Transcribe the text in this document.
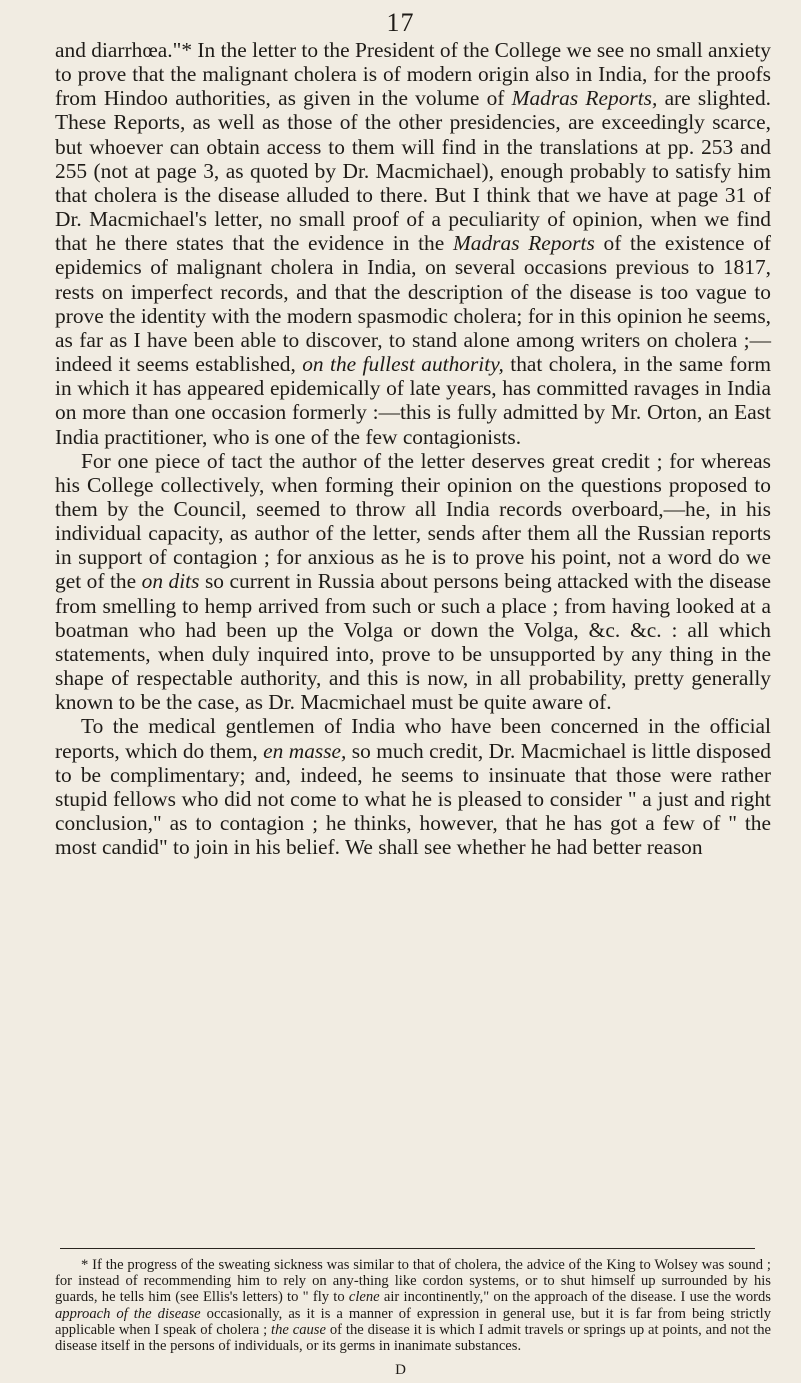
17

and diarrhœa."* In the letter to the President of the College we see no small anxiety to prove that the malignant cholera is of modern origin also in India, for the proofs from Hindoo authorities, as given in the volume of Madras Reports, are slighted. These Reports, as well as those of the other presidencies, are exceedingly scarce, but whoever can obtain access to them will find in the translations at pp. 253 and 255 (not at page 3, as quoted by Dr. Macmichael), enough probably to satisfy him that cholera is the disease alluded to there. But I think that we have at page 31 of Dr. Macmichael's letter, no small proof of a peculiarity of opinion, when we find that he there states that the evidence in the Madras Reports of the existence of epidemics of malignant cholera in India, on several occasions previous to 1817, rests on imperfect records, and that the description of the disease is too vague to prove the identity with the modern spasmodic cholera; for in this opinion he seems, as far as I have been able to discover, to stand alone among writers on cholera ;—indeed it seems established, on the fullest authority, that cholera, in the same form in which it has appeared epidemically of late years, has committed ravages in India on more than one occasion formerly :—this is fully admitted by Mr. Orton, an East India practitioner, who is one of the few contagionists.

For one piece of tact the author of the letter deserves great credit ; for whereas his College collectively, when forming their opinion on the questions proposed to them by the Council, seemed to throw all India records overboard,—he, in his individual capacity, as author of the letter, sends after them all the Russian reports in support of contagion ; for anxious as he is to prove his point, not a word do we get of the on dits so current in Russia about persons being attacked with the disease from smelling to hemp arrived from such or such a place ; from having looked at a boatman who had been up the Volga or down the Volga, &c. &c. : all which statements, when duly inquired into, prove to be unsupported by any thing in the shape of respectable authority, and this is now, in all probability, pretty generally known to be the case, as Dr. Macmichael must be quite aware of.

To the medical gentlemen of India who have been concerned in the official reports, which do them, en masse, so much credit, Dr. Macmichael is little disposed to be complimentary; and, indeed, he seems to insinuate that those were rather stupid fellows who did not come to what he is pleased to consider " a just and right conclusion," as to contagion ; he thinks, however, that he has got a few of " the most candid" to join in his belief. We shall see whether he had better reason

* If the progress of the sweating sickness was similar to that of cholera, the advice of the King to Wolsey was sound ; for instead of recommending him to rely on any-thing like cordon systems, or to shut himself up surrounded by his guards, he tells him (see Ellis's letters) to " fly to clene air incontinently," on the approach of the disease. I use the words approach of the disease occasionally, as it is a manner of expression in general use, but it is far from being strictly applicable when I speak of cholera ; the cause of the disease it is which I admit travels or springs up at points, and not the disease itself in the persons of individuals, or its germs in inanimate substances.

D
